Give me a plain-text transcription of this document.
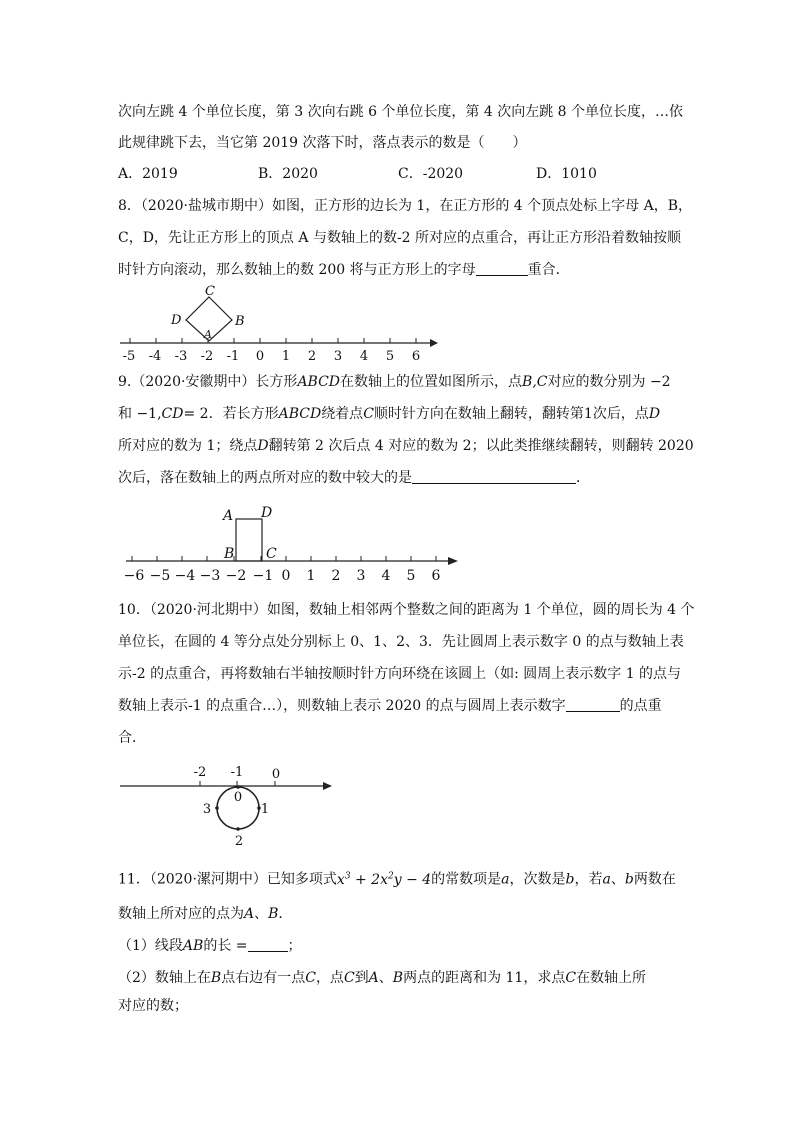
次向左跳 4 个单位长度，第 3 次向右跳 6 个单位长度，第 4 次向左跳 8 个单位长度，…依
此规律跳下去，当它第 2019 次落下时，落点表示的数是（　　）
A．2019	B．2020	C．-2020	D．1010
8．（2020·盐城市期中）如图，正方形的边长为 1，在正方形的 4 个顶点处标上字母 A，B，
C，D，先让正方形上的顶点 A 与数轴上的数-2 所对应的点重合，再让正方形沿着数轴按顺
时针方向滚动，那么数轴上的数 200 将与正方形上的字母	重合．
-5 -4 -3 -2 -1 0 1 2 3 4 5 6
C
D
A
B
9.（2020·安徽期中）长方形ABCD在数轴上的位置如图所示，点B,C对应的数分别为 −2
和 −1,CD= 2．若长方形ABCD绕着点C顺时针方向在数轴上翻转，翻转第1次后，点D
所对应的数为 1；绕点D翻转第 2 次后点 4 对应的数为 2；以此类推继续翻转，则翻转 2020
次后，落在数轴上的两点所对应的数中较大的是	．
−6 −5 −4 −3 −2 −1 0 1 2 3 4 5 6
A D
B C
10．（2020·河北期中）如图，数轴上相邻两个整数之间的距离为 1 个单位，圆的周长为 4 个
单位长，在圆的 4 等分点处分别标上 0、1、2、3．先让圆周上表示数字 0 的点与数轴上表
示-2 的点重合，再将数轴右半轴按顺时针方向环绕在该圆上（如: 圆周上表示数字 1 的点与
数轴上表示-1 的点重合…），则数轴上表示 2020 的点与圆周上表示数字	的点重
合．
-2 -1 0
0
1
2
3
11．（2020·漯河期中）已知多项式$x^3 + 2x^2y - 4$的常数项是a，次数是b，若a、b两数在
数轴上所对应的点为A、B．
（1）线段AB的长 =	；
（2）数轴上在B点右边有一点C，点C到A、B两点的距离和为 11，求点C在数轴上所
对应的数；
